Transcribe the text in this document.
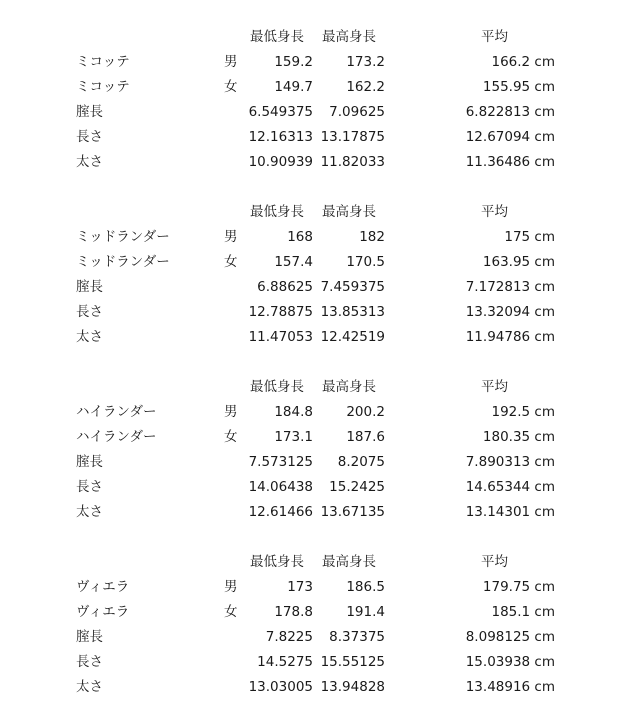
最低身長 最高身長	平均
ミコッテ	男	159.2 173.2	166.2 cm
ミコッテ	女	149.7 162.2	155.95 cm
腟長	6.549375 7.09625	6.822813 cm
長さ	12.16313 13.17875	12.67094 cm
太さ	10.90939 11.82033	11.36486 cm
最低身長 最高身長	平均
ミッドランダー	男	168	182	175 cm
ミッドランダー	女	157.4 170.5	163.95 cm
腟長	6.88625 7.459375	7.172813 cm
長さ	12.78875 13.85313	13.32094 cm
太さ	11.47053 12.42519	11.94786 cm
最低身長 最高身長	平均
ハイランダー	男	184.8 200.2	192.5 cm
ハイランダー	女	173.1 187.6	180.35 cm
腟長	7.573125 8.2075	7.890313 cm
長さ	14.06438 15.2425	14.65344 cm
太さ	12.61466 13.67135	13.14301 cm
最低身長 最高身長	平均
ヴィエラ	男	173 186.5	179.75 cm
ヴィエラ	女	178.8 191.4	185.1 cm
腟長	7.8225 8.37375	8.098125 cm
長さ	14.5275 15.55125	15.03938 cm
太さ	13.03005 13.94828	13.48916 cm
